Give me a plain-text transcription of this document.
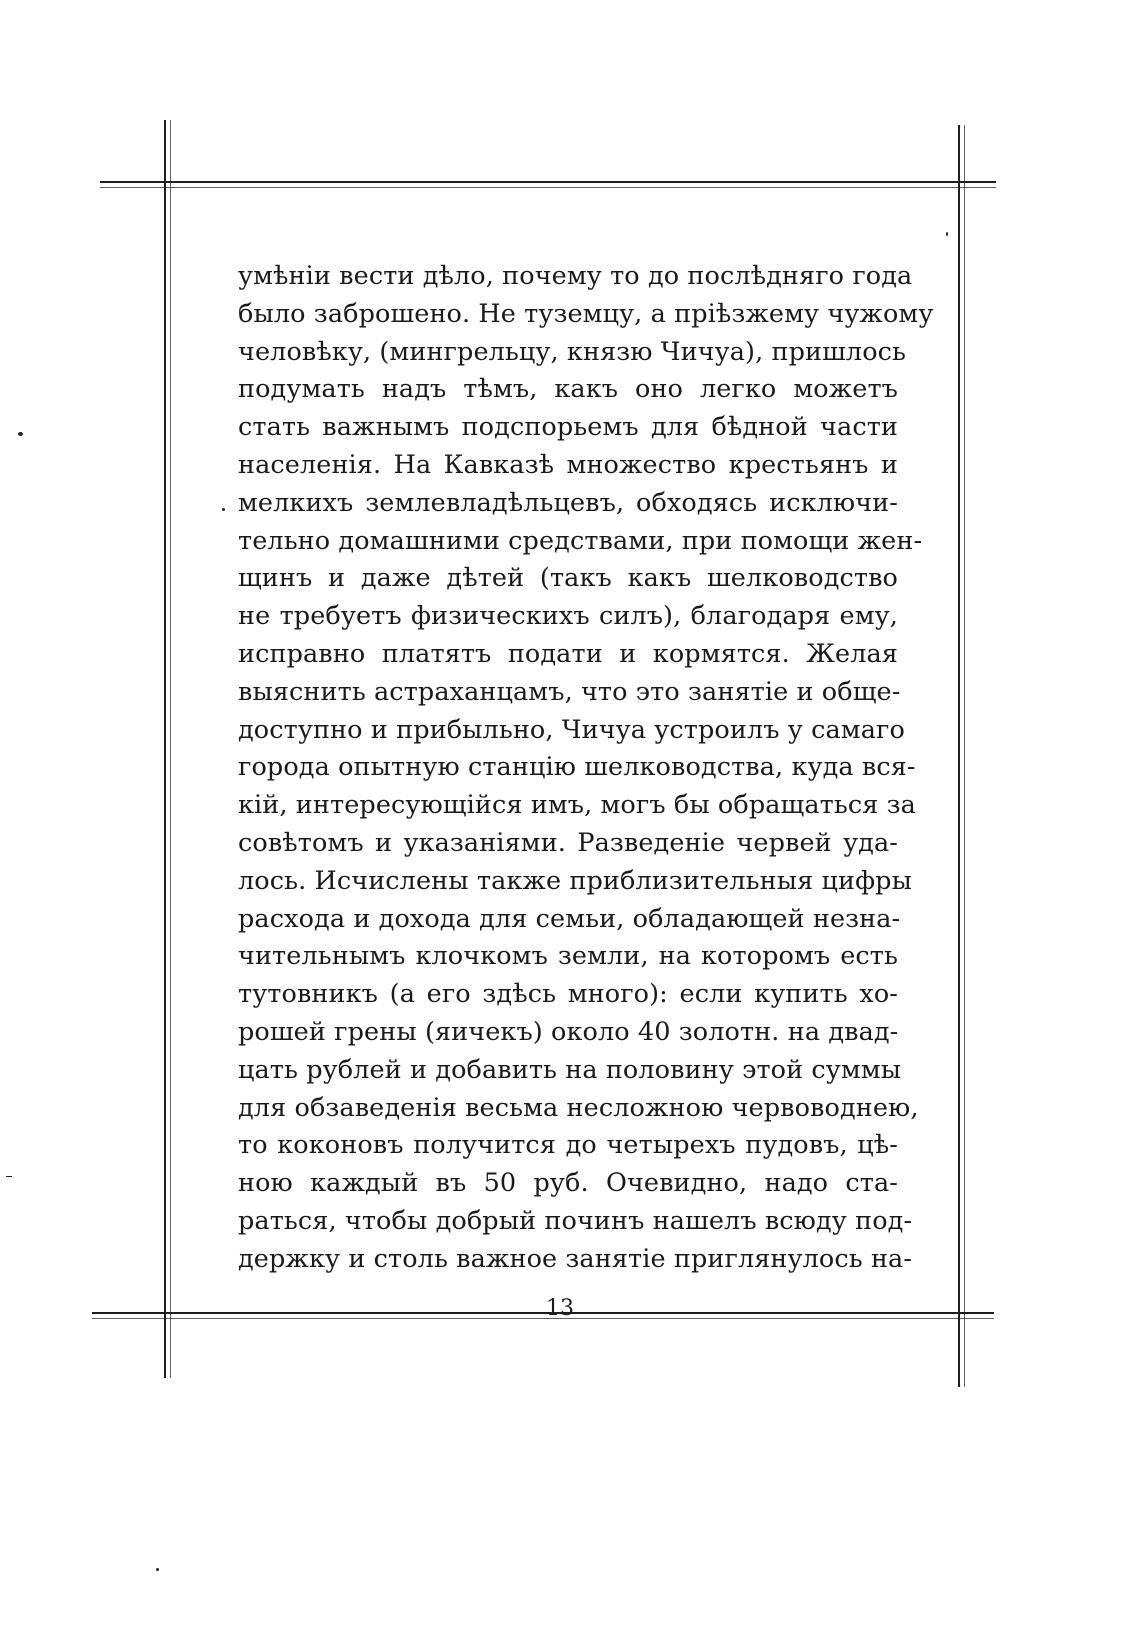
умѣніи вести дѣло, почему то до послѣдняго года
было заброшено. Не туземцу, а пріѣзжему чужому
человѣку, (мингрельцу, князю Чичуа), пришлось
подумать надъ тѣмъ, какъ оно легко можетъ
стать важнымъ подспорьемъ для бѣдной части
населенія. На Кавказѣ множество крестьянъ и
мелкихъ землевладѣльцевъ, обходясь исключи-
тельно домашними средствами, при помощи жен-
щинъ и даже дѣтей (такъ какъ шелководство
не требуетъ физическихъ силъ), благодаря ему,
исправно платятъ подати и кормятся. Желая
выяснить астраханцамъ, что это занятіе и обще-
доступно и прибыльно, Чичуа устроилъ у самаго
города опытную станцію шелководства, куда вся-
кій, интересующійся имъ, могъ бы обращаться за
совѣтомъ и указаніями. Разведеніе червей уда-
лось. Исчислены также приблизительныя цифры
расхода и дохода для семьи, обладающей незна-
чительнымъ клочкомъ земли, на которомъ есть
тутовникъ (а его здѣсь много): если купить хо-
рошей грены (яичекъ) около 40 золотн. на двад-
цать рублей и добавить на половину этой суммы
для обзаведенія весьма несложною червоводнею,
то коконовъ получится до четырехъ пудовъ, цѣ-
ною каждый въ 50 руб. Очевидно, надо ста-
раться, чтобы добрый починъ нашелъ всюду под-
держку и столь важное занятіе приглянулось на-
13
